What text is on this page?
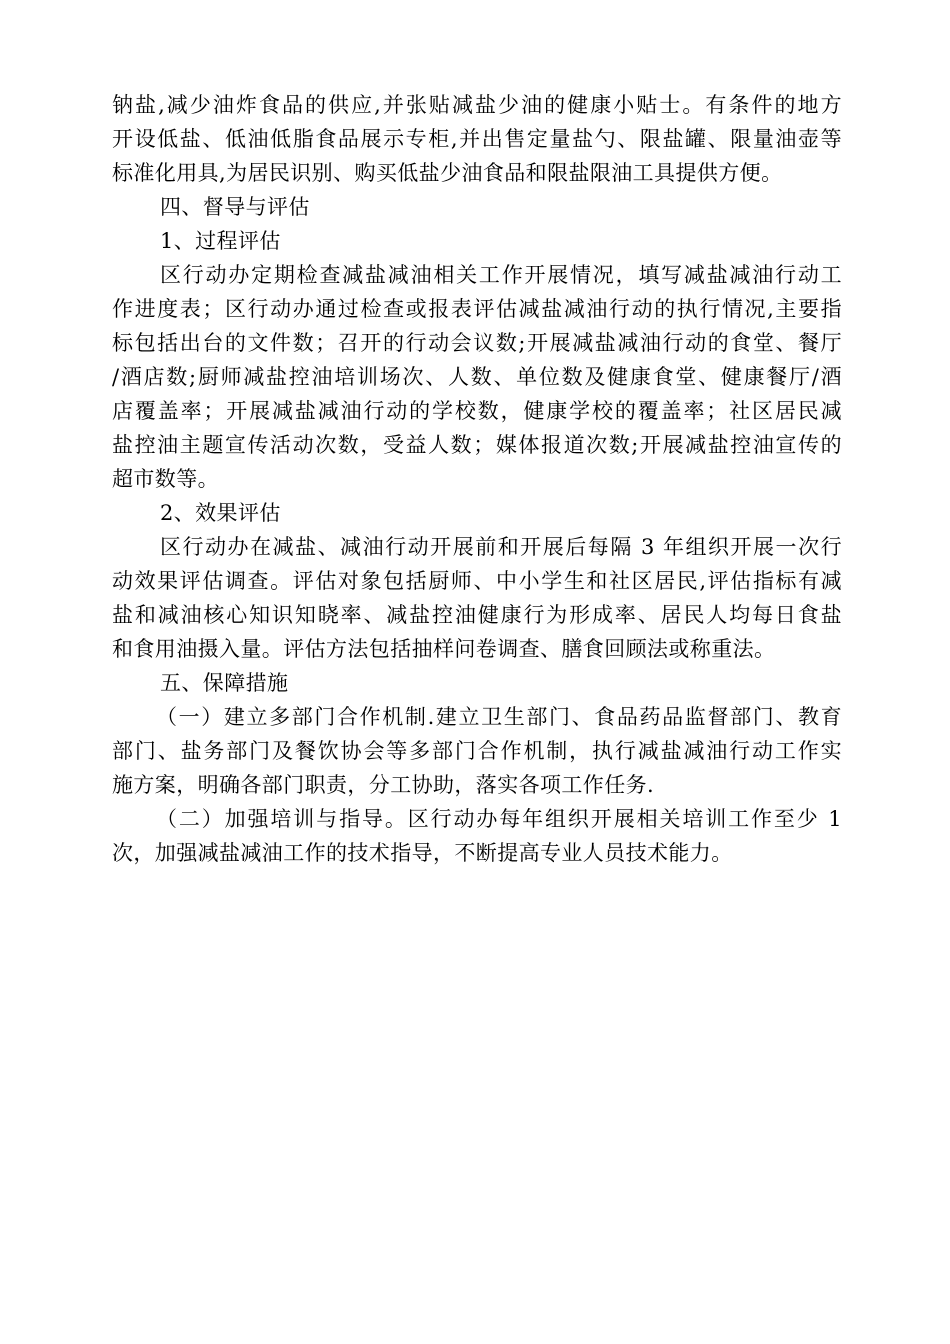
钠盐,减少油炸食品的供应,并张贴减盐少油的健康小贴士。有条件的地方
开设低盐、低油低脂食品展示专柜,并出售定量盐勺、限盐罐、限量油壶等
标准化用具,为居民识别、购买低盐少油食品和限盐限油工具提供方便。
四、督导与评估
1、过程评估
区行动办定期检查减盐减油相关工作开展情况，填写减盐减油行动工
作进度表；区行动办通过检查或报表评估减盐减油行动的执行情况,主要指
标包括出台的文件数；召开的行动会议数;开展减盐减油行动的食堂、餐厅
/酒店数;厨师减盐控油培训场次、人数、单位数及健康食堂、健康餐厅/酒
店覆盖率；开展减盐减油行动的学校数，健康学校的覆盖率；社区居民减
盐控油主题宣传活动次数，受益人数；媒体报道次数;开展减盐控油宣传的
超市数等。
2、效果评估
区行动办在减盐、减油行动开展前和开展后每隔 3 年组织开展一次行
动效果评估调查。评估对象包括厨师、中小学生和社区居民,评估指标有减
盐和减油核心知识知晓率、减盐控油健康行为形成率、居民人均每日食盐
和食用油摄入量。评估方法包括抽样问卷调查、膳食回顾法或称重法。
五、保障措施
（一）建立多部门合作机制.建立卫生部门、食品药品监督部门、教育
部门、盐务部门及餐饮协会等多部门合作机制，执行减盐减油行动工作实
施方案，明确各部门职责，分工协助，落实各项工作任务.
（二）加强培训与指导。区行动办每年组织开展相关培训工作至少 1
次，加强减盐减油工作的技术指导，不断提高专业人员技术能力。
